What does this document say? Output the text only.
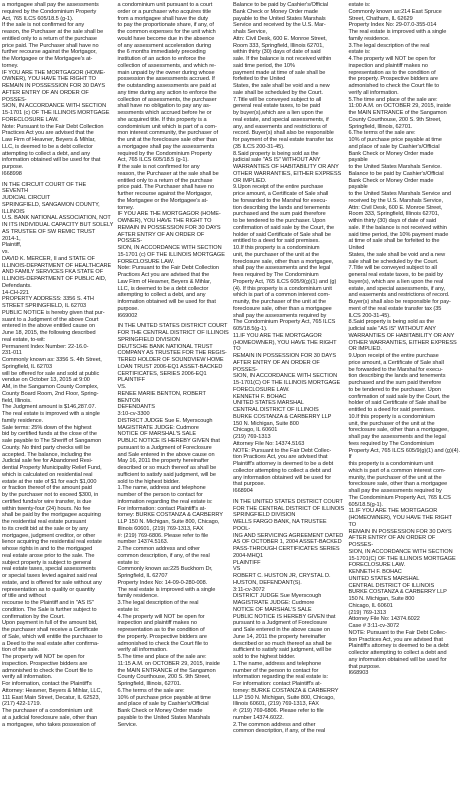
a mortgagee shall pay the assessments
required by the Condominium Property
Act, 765 ILCS 605/18.5 (g-1).
If the sale is not confirmed for any
reason, the Purchaser at the sale shall be
entitled only to a return of the purchase
price paid. The Purchaser shall have no
further recourse against the Mortgagor,
the Mortgagee or the Mortgagee's at-
torney.
IF YOU ARE THE MORTGAGOR (HOME-
OWNER), YOU HAVE THE RIGHT TO
REMAIN IN POSSESSION FOR 30 DAYS
AFTER ENTRY OF AN ORDER OF POSSES-
SION, IN ACCORDANCE WITH SECTION
15-1701 (c) OF THE ILLINOIS MORTGAGE
FORECLOSURE LAW.
Note: Pursuant to the Fair Debt Collection
Practices Act you are advised that the
Law Firm of Heavner, Beyers & Mihlar,
LLC, is deemed to be a debt collector
attempting to collect a debt, and any
information obtained will be used for that
purpose.
I668998

IN THE CIRCUIT COURT OF THE SEVENTH
JUDICIAL CIRCUIT
SPRINGFIELD, SANGAMON COUNTY,
ILLINOIS
U.S. BANK NATIONAL ASSOCIATION, NOT
IN ITS INDIVIDUAL CAPACITY BUT SOLELY
AS TRUSTEE OF SW REMIC TRUST
2014-1,
Plaintiff,
vs.
DAVID K. MERCER, II and STATE OF
ILLINOIS-DEPARTMENT OF HEALTHCARE
AND FAMILY SERVICES FKA STATE OF
ILLINOIS-DEPARTMENT OF PUBLIC AID,
Defendants.
14-CH-221
PROPERTY ADDRESS: 3356 S. 4TH
STREET SPRINGFIELD, IL 62703
PUBLIC NOTICE is hereby given that pur-
suant to a Judgment of the above Court
entered in the above entitled cause on
June 18, 2015, the following described
real estate, to-wit:
Permanent Index Number: 22-16.0-
231-011
Commonly known as: 3356 S. 4th Street,
Springfield, IL 62703
will be offered for sale and sold at public
vendue on October 13, 2015 at 9:00
AM, in the Sangamon County Complex,
County Board Room, 2nd Floor, Spring-
field, Illinois.
The Judgment amount is $146,287.07.
The real estate is improved with a single
family residence.
Sale terms: 25% down of the highest
bid by certified funds at the close of the
sale payable to The Sheriff of Sangamon
County. No third party checks will be
accepted. The balance, including the
Judicial sale fee for Abandoned Resi-
dential Property Municipality Relief Fund,
which is calculated on residential real
estate at the rate of $1 for each $1,000
or fraction thereof of the amount paid
by the purchaser not to exceed $300, in
certified funds/or wire transfer, is due
within twenty-four (24) hours. No fee
shall be paid by the mortgagee acquiring
the residential real estate pursuant
to its credit bid at the sale or by any
mortgagee, judgment creditor, or other
lienor acquiring the residential real estate
whose rights in and to the mortgaged
real estate arose prior to the sale. The
subject property is subject to general
real estate taxes, special assessments
or special taxes levied against said real
estate, and is offered for sale without any
representation as to quality or quantity
of title and without
recourse to the Plaintiff and in "AS IS"
condition. The Sale is further subject to
confirmation by the Court.
Upon payment in full of the amount bid,
the purchaser shall receive a Certificate
of Sale, which will entitle the purchaser to
a Deed to the real estate after confirma-
tion of the sale.
The property will NOT be open for
inspection. Prospective bidders are
admonished to check the Court file to
verify all information.
For information, contact the Plaintiff's
Attorney: Heavner, Beyers & Mihlar, LLC,
111 East Main Street, Decatur, IL 62523,
(217) 422-1719.
The purchaser of a condominium unit
at a judicial foreclosure sale, other than
a mortgagee, who takes possession of

a condominium unit pursuant to a court
order or a purchaser who acquires title
from a mortgagee shall have the duty
to pay the proportionate share, if any, of
the common expenses for the unit which
would have become due in the absence
of any assessment acceleration during
the 6 months immediately preceding
institution of an action to enforce the
collection of assessments, and which re-
main unpaid by the owner during whose
possession the assessments accrued. If
the outstanding assessments are paid at
any time during any action to enforce the
collection of assessments, the purchaser
shall have no obligation to pay any as-
sessments which accrued before he or
she acquired title. If this property is a
condominium unit which is part of a com-
mon interest community, the purchaser of
the unit at the foreclosure sale other than
a mortgagee shall pay the assessments
required by the Condominium Property
Act, 765 ILCS 605/18.5 (g-1).
If the sale is not confirmed for any
reason, the Purchaser at the sale shall be
entitled only to a return of the purchase
price paid. The Purchaser shall have no
further recourse against the Mortgagor,
the Mortgagee or the Mortgagee's at-
torney.
IF YOU ARE THE MORTGAGOR (HOME-
OWNER), YOU HAVE THE RIGHT TO
REMAIN IN POSSESSION FOR 30 DAYS
AFTER ENTRY OF AN ORDER OF POSSES-
SION, IN ACCORDANCE WITH SECTION
15-1701 (c) OF THE ILLINOIS MORTGAGE
FORECLOSURE LAW.
Note: Pursuant to the Fair Debt Collection
Practices Act you are advised that the
Law Firm of Heavner, Beyers & Mihlar,
LLC, is deemed to be a debt collector
attempting to collect a debt, and any
information obtained will be used for that
purpose.
I669002

IN THE UNITED STATES DISTRICT COURT
FOR THE CENTRAL DISTRICT OF ILLINOIS
SPRINGFIELD DIVISION
DEUTSCHE BANK NATIONAL TRUST
COMPANY AS TRUSTEE FOR THE REGIS-
TERED HOLDER OF SOUNDVIEW HOME
LOAN TRUST 2006-EQ1 ASSET-BACKED
CERTIFICATES, SERIES 2006-EQ1
PLAINTIFF
VS.
RENEE MARIE BENTON, ROBERT BENTON
DEFENDANTS
3:10-cv-3300
DISTRICT JUDGE Sue E. Myerscough
MAGISTRATE JUDGE: Cudmore
NOTICE OF MARSHAL'S SALE
PUBLIC NOTICE IS HEREBY GIVEN that
pursuant to a Judgment of Foreclosure
and Sale entered in the above cause on
May 16, 2011 the property hereinafter
described or so much thereof as shall be
sufficient to satisfy said judgment, will be
sold to the highest bidder.
1.The name, address and telephone
number of the person to contact for
information regarding the real estate is:
For information: contact Plaintiff's at-
torney: BURKE COSTANZA & CARBERRY
LLP 150 N. Michigan, Suite 800, Chicago,
Illinois 60601, (219) 769-1313, FAX
#: (219) 769-6806. Please refer to file
number 14374.5163.
2.The common address and other
common description, if any, of the real
estate is:
Commonly known as:225 Buckhorn Dr,
Springfield, IL 62707
Property Index No: 14-09-0-280-008.
The real estate is improved with a single
family residence.
3.The legal description of the real
estate is:
4.The property will NOT be open for
inspection and plaintiff makes no
representation as to the condition of
the property. Prospective bidders are
admonished to check the Court file to
verify all information.
5.The time and place of the sale are:
11:15 A.M. on OCTOBER 29, 2015, inside
the MAIN ENTRANCE of the Sangamon
County Courthouse, 200 S. 9th Street,
Springfield, Illinois, 62701.
6.The terms of the sale are:
10% of purchase price payable at time
and place of sale by Cashier's/Official
Bank Check or Money Order made
payable to the United States Marshals
Service.

Balance to be paid by Cashier's/Official
Bank Check or Money Order made
payable to the United States Marshals
Service and received by the U.S. Mar-
shals Service,
Attn: Civil Desk, 600 E. Monroe Street,
Room 333, Springfield, Illinois 62701,
within thirty (30) days of date of said
sale. If the balance is not received within
said time period, the 10%
payment made at time of sale shall be
forfeited to the United
States, the sale shall be void and a new
sale shall be scheduled by the Court.
7.Title will be conveyed subject to all
general real estate taxes, to be paid
by buyer(s),which are a lien upon the
real estate, and special assessments, if
any, and easements and restrictions of
record. Buyer(s) shall also be responsible
for payment of the real estate transfer tax
(35 ILCS 200-31-45).
8.Said property is being sold as the
judicial sale "AS IS" WITHOUT ANY
WARRANTIES OF HABITABILITY OR ANY
OTHER WARRANTIES, EITHER EXPRESS
OR IMPLIED.
9.Upon receipt of the entire purchase
price amount, a Certificate of Sale shall
be forwarded to the Marshal for execu-
tion describing the lands and tenements
purchased and the sum paid therefore
to be tendered to the purchaser. Upon
confirmation of said sale by the Court, the
holder of said Certificate of Sale shall be
entitled to a deed for said premises.
10.If this property is a condominium
unit, the purchaser of the unit at the
foreclosure sale, other than a mortgagee,
shall pay the assessments and the legal
fees required by The Condominium
Property Act, 765 ILCS 605/9(g)(1) and (g)
(4). If this property is a condominium unit
which is part of a common interest com-
munity, the purchaser of the unit at the
foreclosure sale, other than a mortgagee
shall pay the assessments required by
The Condominium Property Act, 765 ILCS
605/18.5(g-1).
11.IF YOU ARE THE MORTGAGOR
(HOMEOWNER), YOU HAVE THE RIGHT TO
REMAIN IN POSSESSION FOR 30 DAYS
AFTER ENTRY OF AN ORDER OF POSSES-
SION, IN ACCORDANCE WITH SECTION
15-1701(C) OF THE ILLINOIS MORTGAGE
FORECLOSURE LAW.
KENNETH F. BOHAC
UNITED STATES MARSHAL
CENTRAL DISTRICT OF ILLINOIS
BURKE COSTANZA & CARBERRY LLP
150 N. Michigan, Suite 800
Chicago, IL 60601
(219) 769-1313
Attorney File No: 14374.5163
NOTE: Pursuant to the Fair Debt Collec-
tion Practices Act, you are advised that
Plaintiff's attorney is deemed to be a debt
collector attempting to collect a debt and
any information obtained will be used for
that purpose.
I668904

IN THE UNITED STATES DISTRICT COURT
FOR THE CENTRAL DISTRICT OF ILLINOIS
SPRINGFIELD DIVISION
WELLS FARGO BANK, NA TRUSTEE POOL-
ING AND SERVICING AGREEMENT DATED
AS OF OCTOBER 1, 2004 ASSET-BACKED
PASS-THROUGH CERTIFICATES SERIES
2004-MHQ1
PLAINTIFF
VS
ROBERT C. HUSTON JR, CRYSTAL D.
HUSTON, DEFENDANT(S).
3:11-cv-3072
DISTRICT JUDGE Sue Myerscough
MAGISTRATE JUDGE: Cudmore
NOTICE OF MARSHAL'S SALE
PUBLIC NOTICE IS HEREBY GIVEN that
pursuant to a Judgment of Foreclosure
and Sale entered in the above cause on
June 14, 2011 the property hereinafter
described or so much thereof as shall be
sufficient to satisfy said judgment, will be
sold to the highest bidder.
1.The name, address and telephone
number of the person to contact for
information regarding the real estate is:
For information: contact Plaintiff's at-
torney: BURKE COSTANZA & CARBERRY
LLP 150 N. Michigan, Suite 800, Chicago,
Illinois 60601, (219) 769-1313, FAX
#: (219) 769-6806. Please refer to file
number 14374.6022.
2.The common address and other
common description, if any, of the real

estate is:
Commonly known as:214 East Spruce
Street, Chatham, IL 62629
Property Index No: 29-07.0-355-014
The real estate is improved with a single
family residence.
3.The legal description of the real
estate is:
4.The property will NOT be open for
inspection and plaintiff makes no
representation as to the condition of
the property. Prospective bidders are
admonished to check the Court file to
verify all information.
5.The time and place of the sale are:
11:00 A.M. on OCTOBER 29, 2015, inside
the MAIN ENTRANCE of the Sangamon
County Courthouse, 200 S. 9th Street,
Springfield, Illinois, 62701.
6.The terms of the sale are:
10% of purchase price payable at time
and place of sale by Cashier's/Official
Bank Check or Money Order made
payable
to the United States Marshals Service.
Balance to be paid by Cashier's/Official
Bank Check or Money Order made
payable
to the United States Marshals Service and
received by the U.S. Marshals Service,
Attn: Civil Desk, 600 E. Monroe Street,
Room 333, Springfield, Illinois 62701,
within thirty (30) days of date of said
sale. If the balance is not received within
said time period, the 10% payment made
at time of sale shall be forfeited to the
United
States, the sale shall be void and a new
sale shall be scheduled by the Court.
7.Title will be conveyed subject to all
general real estate taxes, to be paid by
buyer(s), which are a lien upon the real
estate, and special assessments, if any,
and easements and restrictions of record.
Buyer(s) shall also be responsible for pay-
ment of the real estate transfer tax (35
ILCS 200-31-45).
8.Said property is being sold as the
judicial sale "AS IS" WITHOUT ANY
WARRANTIES OF HABITABILITY OR ANY
OTHER WARRANTIES, EITHER EXPRESS
OR IMPLIED.
9.Upon receipt of the entire purchase
price amount, a Certificate of Sale shall
be forwarded to the Marshal for execu-
tion describing the lands and tenements
purchased and the sum paid therefore
to be tendered to the purchaser. Upon
confirmation of said sale by the Court, the
holder of said Certificate of Sale shall be
entitled to a deed for said premises.
10.If this property is a condominium
unit, the purchaser of the unit at the
foreclosure sale, other than a mortgagee,
shall pay the assessments and the legal
fees required by The Condominium
Property Act, 765 ILCS 605/9(g)(1) and (g)(4). If
this property is a condominium unit
which is part of a common interest com-
munity, the purchaser of the unit at the
foreclosure sale, other than a mortgagee
shall pay the assessments required by
The Condominium Property Act, 765 ILCS
605/18.5(g-1).
11.IF YOU ARE THE MORTGAGOR
(HOMEOWNER), YOU HAVE THE RIGHT TO
REMAIN IN POSSESSION FOR 30 DAYS
AFTER ENTRY OF AN ORDER OF POSSES-
SION, IN ACCORDANCE WITH SECTION
15-1701(C) OF THE ILLINOIS MORTGAGE
FORECLOSURE LAW.
KENNETH F. BOHAC
UNITED STATES MARSHAL
CENTRAL DISTRICT OF ILLINOIS
BURKE COSTANZA & CARBERRY LLP
150 N. Michigan, Suite 800
Chicago, IL 60601
(219) 769-1313
Attorney File No: 14374.6022
Case # 3:11-cv-3072
NOTE: Pursuant to the Fair Debt Collec-
tion Practices Act, you are advised that
Plaintiff's attorney is deemed to be a debt
collector attempting to collect a debt and
any information obtained will be used for
that purpose.
I668903
